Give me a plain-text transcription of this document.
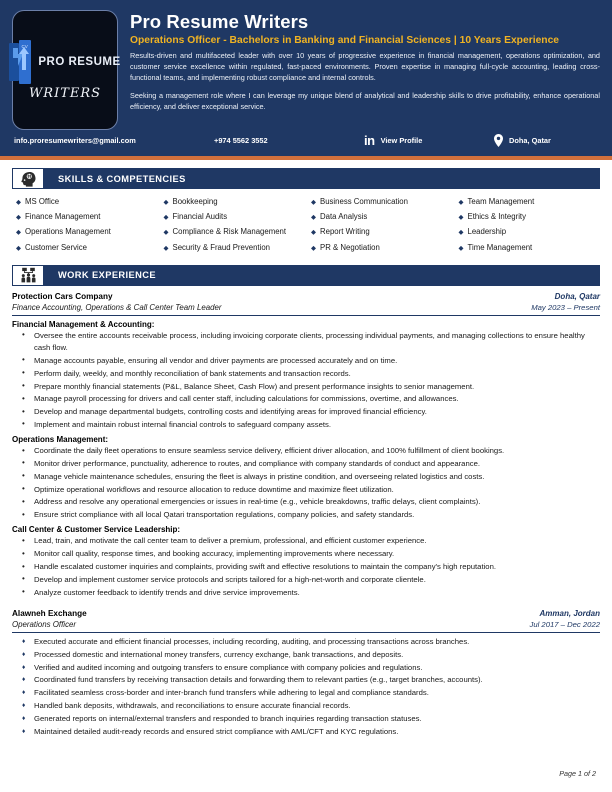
CV
PRO RESUME
WRITERS
Pro Resume Writers
Operations Officer - Bachelors in Banking and Financial Sciences | 10 Years Experience
Results-driven and multifaceted leader with over 10 years of progressive experience in financial management, operations optimization, and customer service excellence within regulated, fast-paced environments. Proven expertise in managing full-cycle accounting, leading cross-functional teams, and implementing robust compliance and internal controls.
Seeking a management role where I can leverage my unique blend of analytical and leadership skills to drive profitability, enhance operational efficiency, and deliver exceptional service.
info.proresumewriters@gmail.com	+974 5562 3552	in View Profile	Doha, Qatar
SKILLS & COMPETENCIES
◆ MS Office	◆ Bookkeeping	◆ Business Communication	◆ Team Management
◆ Finance Management	◆ Financial Audits	◆ Data Analysis	◆ Ethics & Integrity
◆ Operations Management	◆ Compliance & Risk Management	◆ Report Writing	◆ Leadership
◆ Customer Service	◆ Security & Fraud Prevention	◆ PR & Negotiation	◆ Time Management
WORK EXPERIENCE
Protection Cars Company	Doha, Qatar
Finance Accounting, Operations & Call Center Team Leader	May 2023 – Present
Financial Management & Accounting:
• Oversee the entire accounts receivable process, including invoicing corporate clients, processing individual payments, and managing collections to ensure healthy cash flow.
• Manage accounts payable, ensuring all vendor and driver payments are processed accurately and on time.
• Perform daily, weekly, and monthly reconciliation of bank statements and transaction records.
• Prepare monthly financial statements (P&L, Balance Sheet, Cash Flow) and present performance insights to senior management.
• Manage payroll processing for drivers and call center staff, including calculations for commissions, overtime, and allowances.
• Develop and manage departmental budgets, controlling costs and identifying areas for improved financial efficiency.
• Implement and maintain robust internal financial controls to safeguard company assets.
Operations Management:
• Coordinate the daily fleet operations to ensure seamless service delivery, efficient driver allocation, and 100% fulfillment of client bookings.
• Monitor driver performance, punctuality, adherence to routes, and compliance with company standards of conduct and appearance.
• Manage vehicle maintenance schedules, ensuring the fleet is always in pristine condition, and overseeing related logistics and costs.
• Optimize operational workflows and resource allocation to reduce downtime and maximize fleet utilization.
• Address and resolve any operational emergencies or issues in real-time (e.g., vehicle breakdowns, traffic delays, client complaints).
• Ensure strict compliance with all local Qatari transportation regulations, company policies, and safety standards.
Call Center & Customer Service Leadership:
• Lead, train, and motivate the call center team to deliver a premium, professional, and efficient customer experience.
• Monitor call quality, response times, and booking accuracy, implementing improvements where necessary.
• Handle escalated customer inquiries and complaints, providing swift and effective resolutions to maintain the company's high reputation.
• Develop and implement customer service protocols and scripts tailored for a high-net-worth and corporate clientele.
• Analyze customer feedback to identify trends and drive service improvements.
Alawneh Exchange	Amman, Jordan
Operations Officer	Jul 2017 – Dec 2022
♦ Executed accurate and efficient financial processes, including recording, auditing, and processing transactions across branches.
♦ Processed domestic and international money transfers, currency exchange, bank transactions, and deposits.
♦ Verified and audited incoming and outgoing transfers to ensure compliance with company policies and regulations.
♦ Coordinated fund transfers by receiving transaction details and forwarding them to relevant parties (e.g., target branches, accounts).
♦ Facilitated seamless cross-border and inter-branch fund transfers while adhering to legal and compliance standards.
♦ Handled bank deposits, withdrawals, and reconciliations to ensure accurate financial records.
♦ Generated reports on internal/external transfers and responded to branch inquiries regarding transaction statuses.
♦ Maintained detailed audit-ready records and ensured strict compliance with AML/CFT and KYC regulations.
Page 1 of 2
